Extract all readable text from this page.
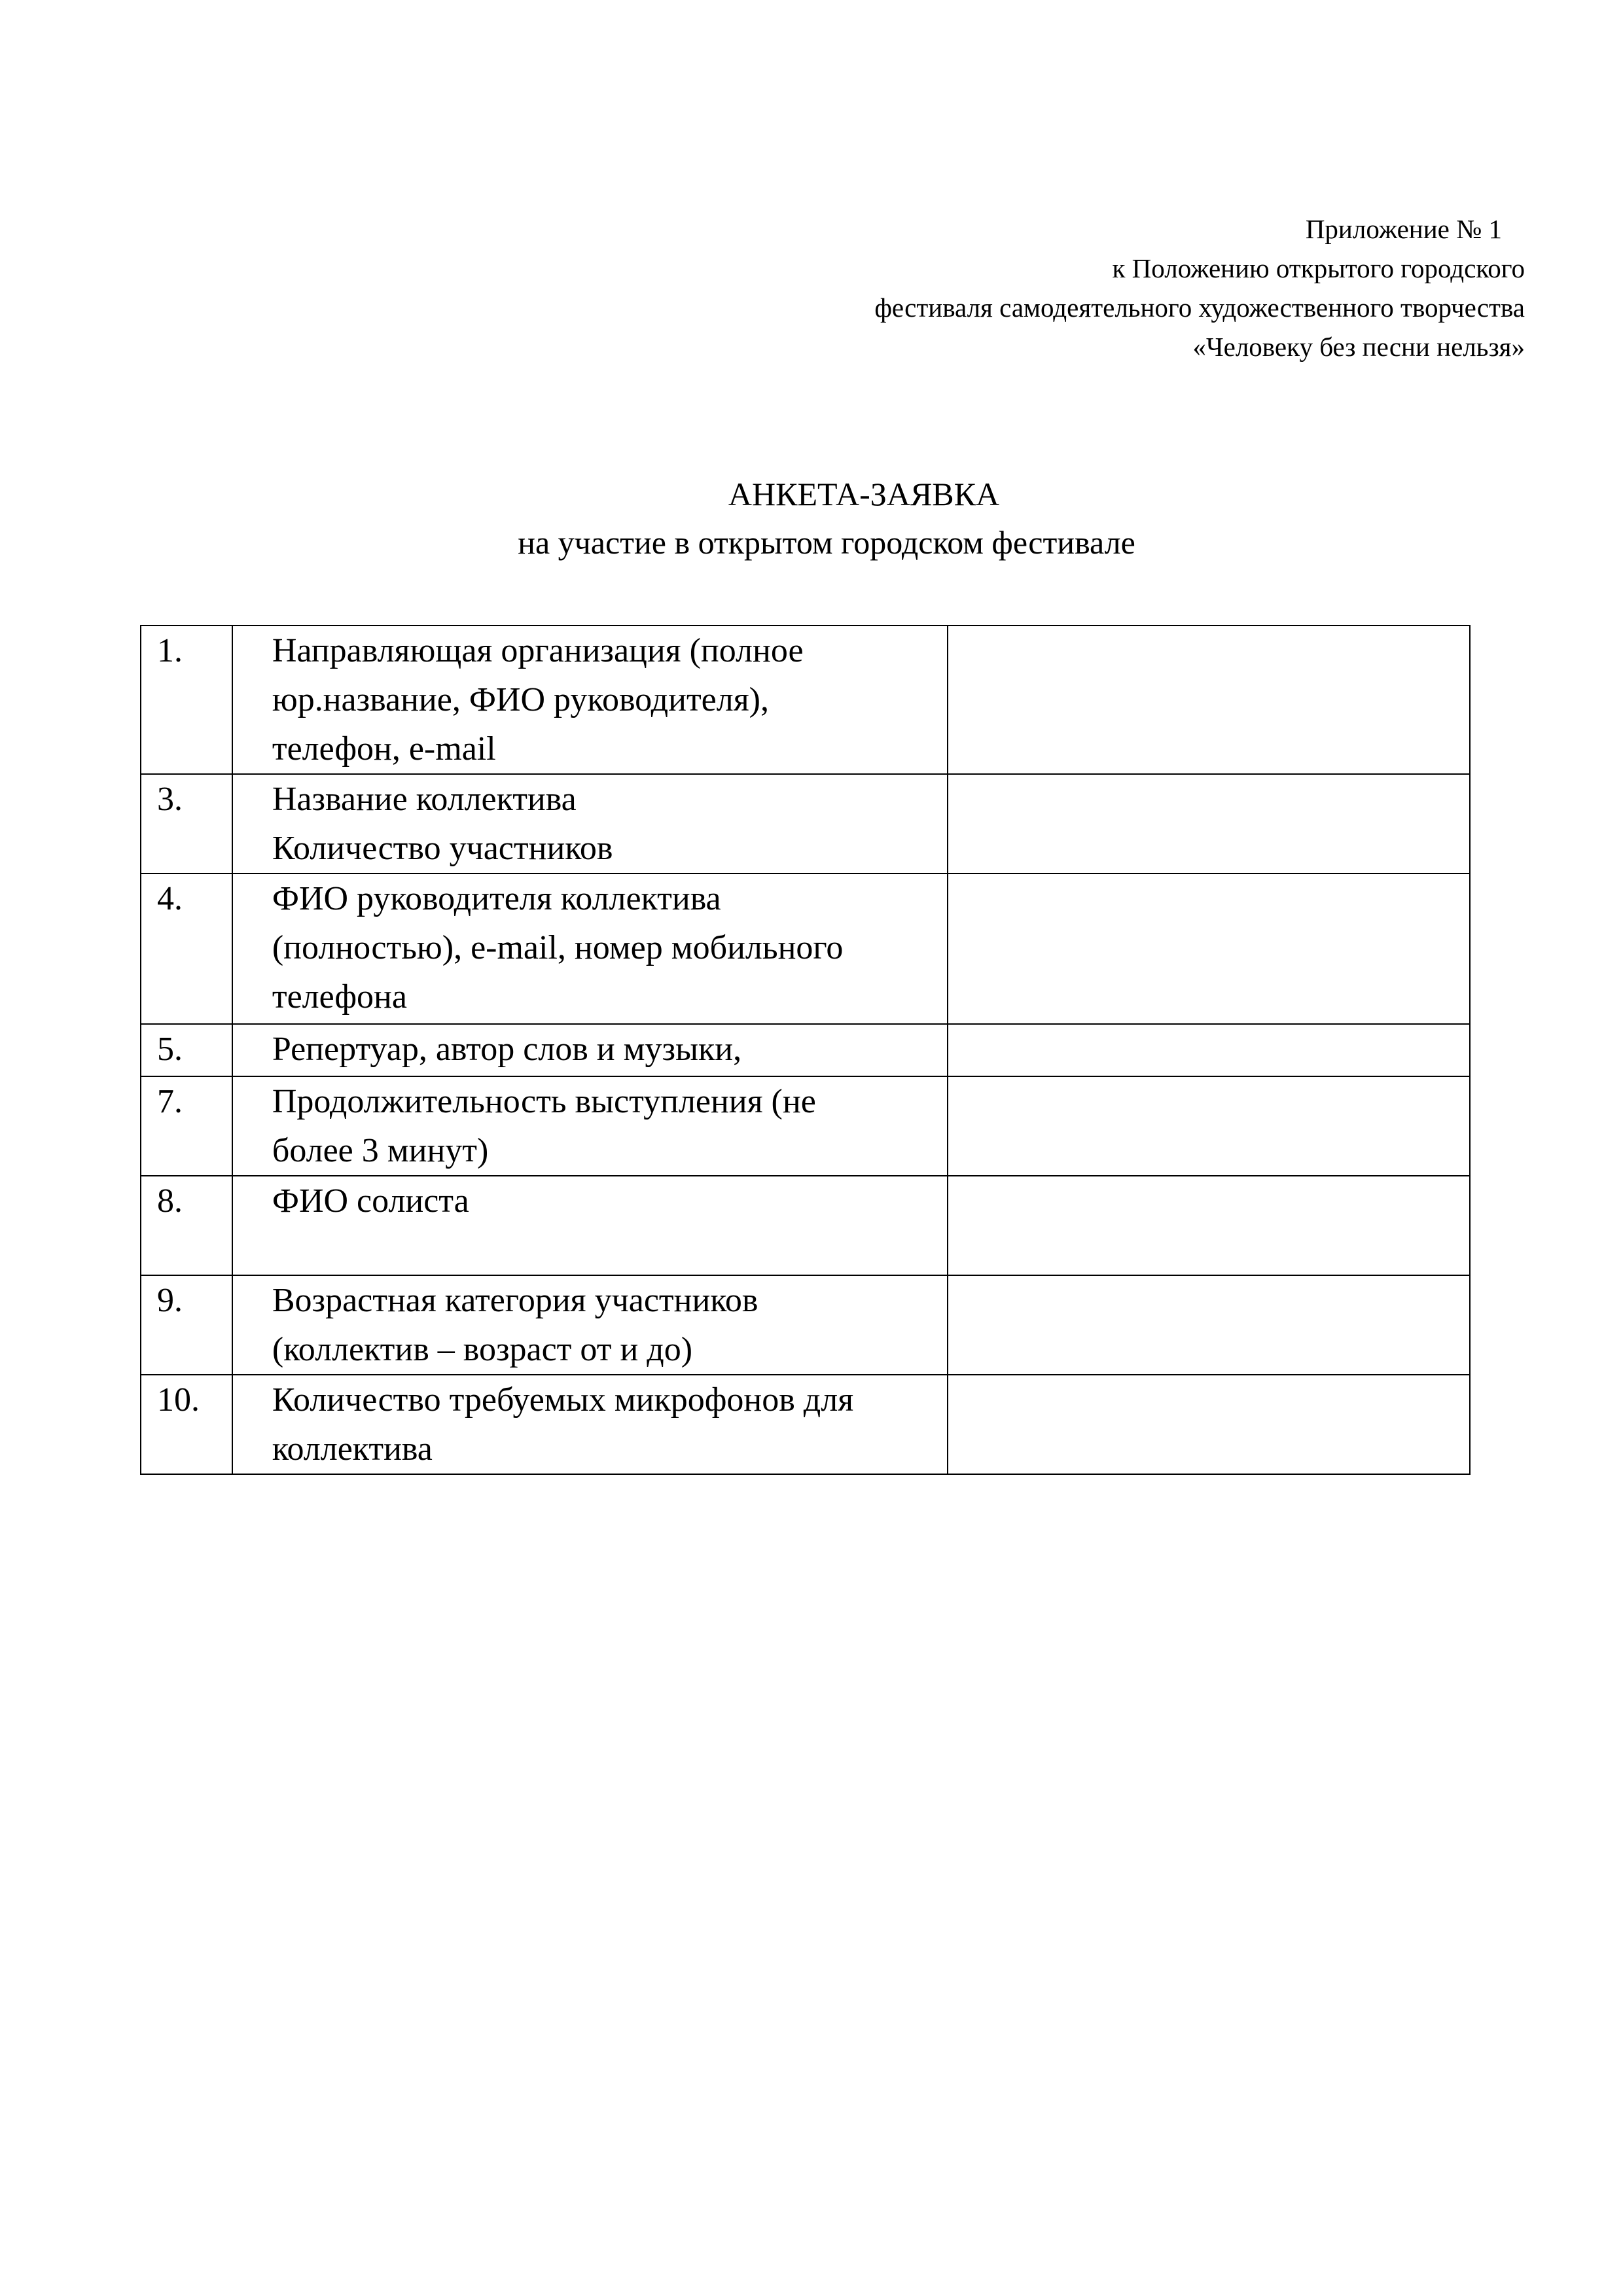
Приложение № 1
к Положению открытого городского
фестиваля самодеятельного художественного творчества
«Человеку без песни нельзя»
АНКЕТА-ЗАЯВКА
на участие в открытом городском фестивале
1.	Направляющая организация (полное
юр.название, ФИО руководителя),
телефон, e-mail	

3.	Название коллектива
Количество участников	

4.	ФИО руководителя коллектива
(полностью), e-mail, номер мобильного
телефона	

5.	Репертуар, автор слов и музыки,	

7.	Продолжительность выступления (не
более 3 минут)	

8.	ФИО солиста	

9.	Возрастная категория участников
(коллектив – возраст от и до)	

10.	Количество требуемых микрофонов для
коллектива	
